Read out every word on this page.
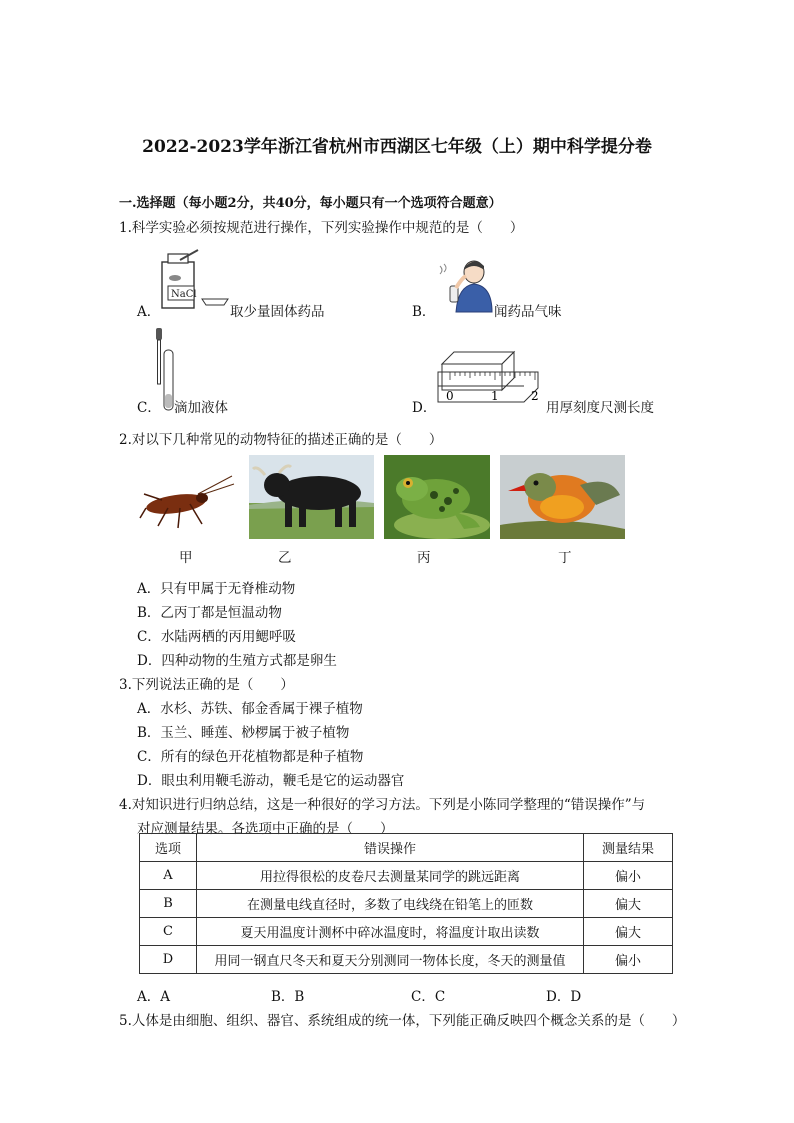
2022-2023学年浙江省杭州市西湖区七年级（上）期中科学提分卷
一.选择题（每小题2分，共40分，每小题只有一个选项符合题意）
1.科学实验必须按规范进行操作，下列实验操作中规范的是（　　）
NaCl
A．	取少量固体药品	B．	闻药品气味
C． 滴加液体
0	1	2
D．	用厚刻度尺测长度
2.对以下几种常见的动物特征的描述正确的是（　　）
甲	乙	丙	丁
A．只有甲属于无脊椎动物
B．乙丙丁都是恒温动物
C．水陆两栖的丙用鳃呼吸
D．四种动物的生殖方式都是卵生
3.下列说法正确的是（　　）
A．水杉、苏铁、郁金香属于裸子植物
B．玉兰、睡莲、桫椤属于被子植物
C．所有的绿色开花植物都是种子植物
D．眼虫利用鞭毛游动，鞭毛是它的运动器官
4.对知识进行归纳总结，这是一种很好的学习方法。下列是小陈同学整理的“错误操作”与
对应测量结果。各选项中正确的是（　　）
选项	错误操作	测量结果
A	用拉得很松的皮卷尺去测量某同学的跳远距离	偏小
B	在测量电线直径时，多数了电线绕在铅笔上的匝数	偏大
C	夏天用温度计测杯中碎冰温度时，将温度计取出读数	偏大
D	用同一钢直尺冬天和夏天分别测同一物体长度，冬天的测量值	偏小
A．A	B．B	C．C	D．D
5.人体是由细胞、组织、器官、系统组成的统一体，下列能正确反映四个概念关系的是（　　）
